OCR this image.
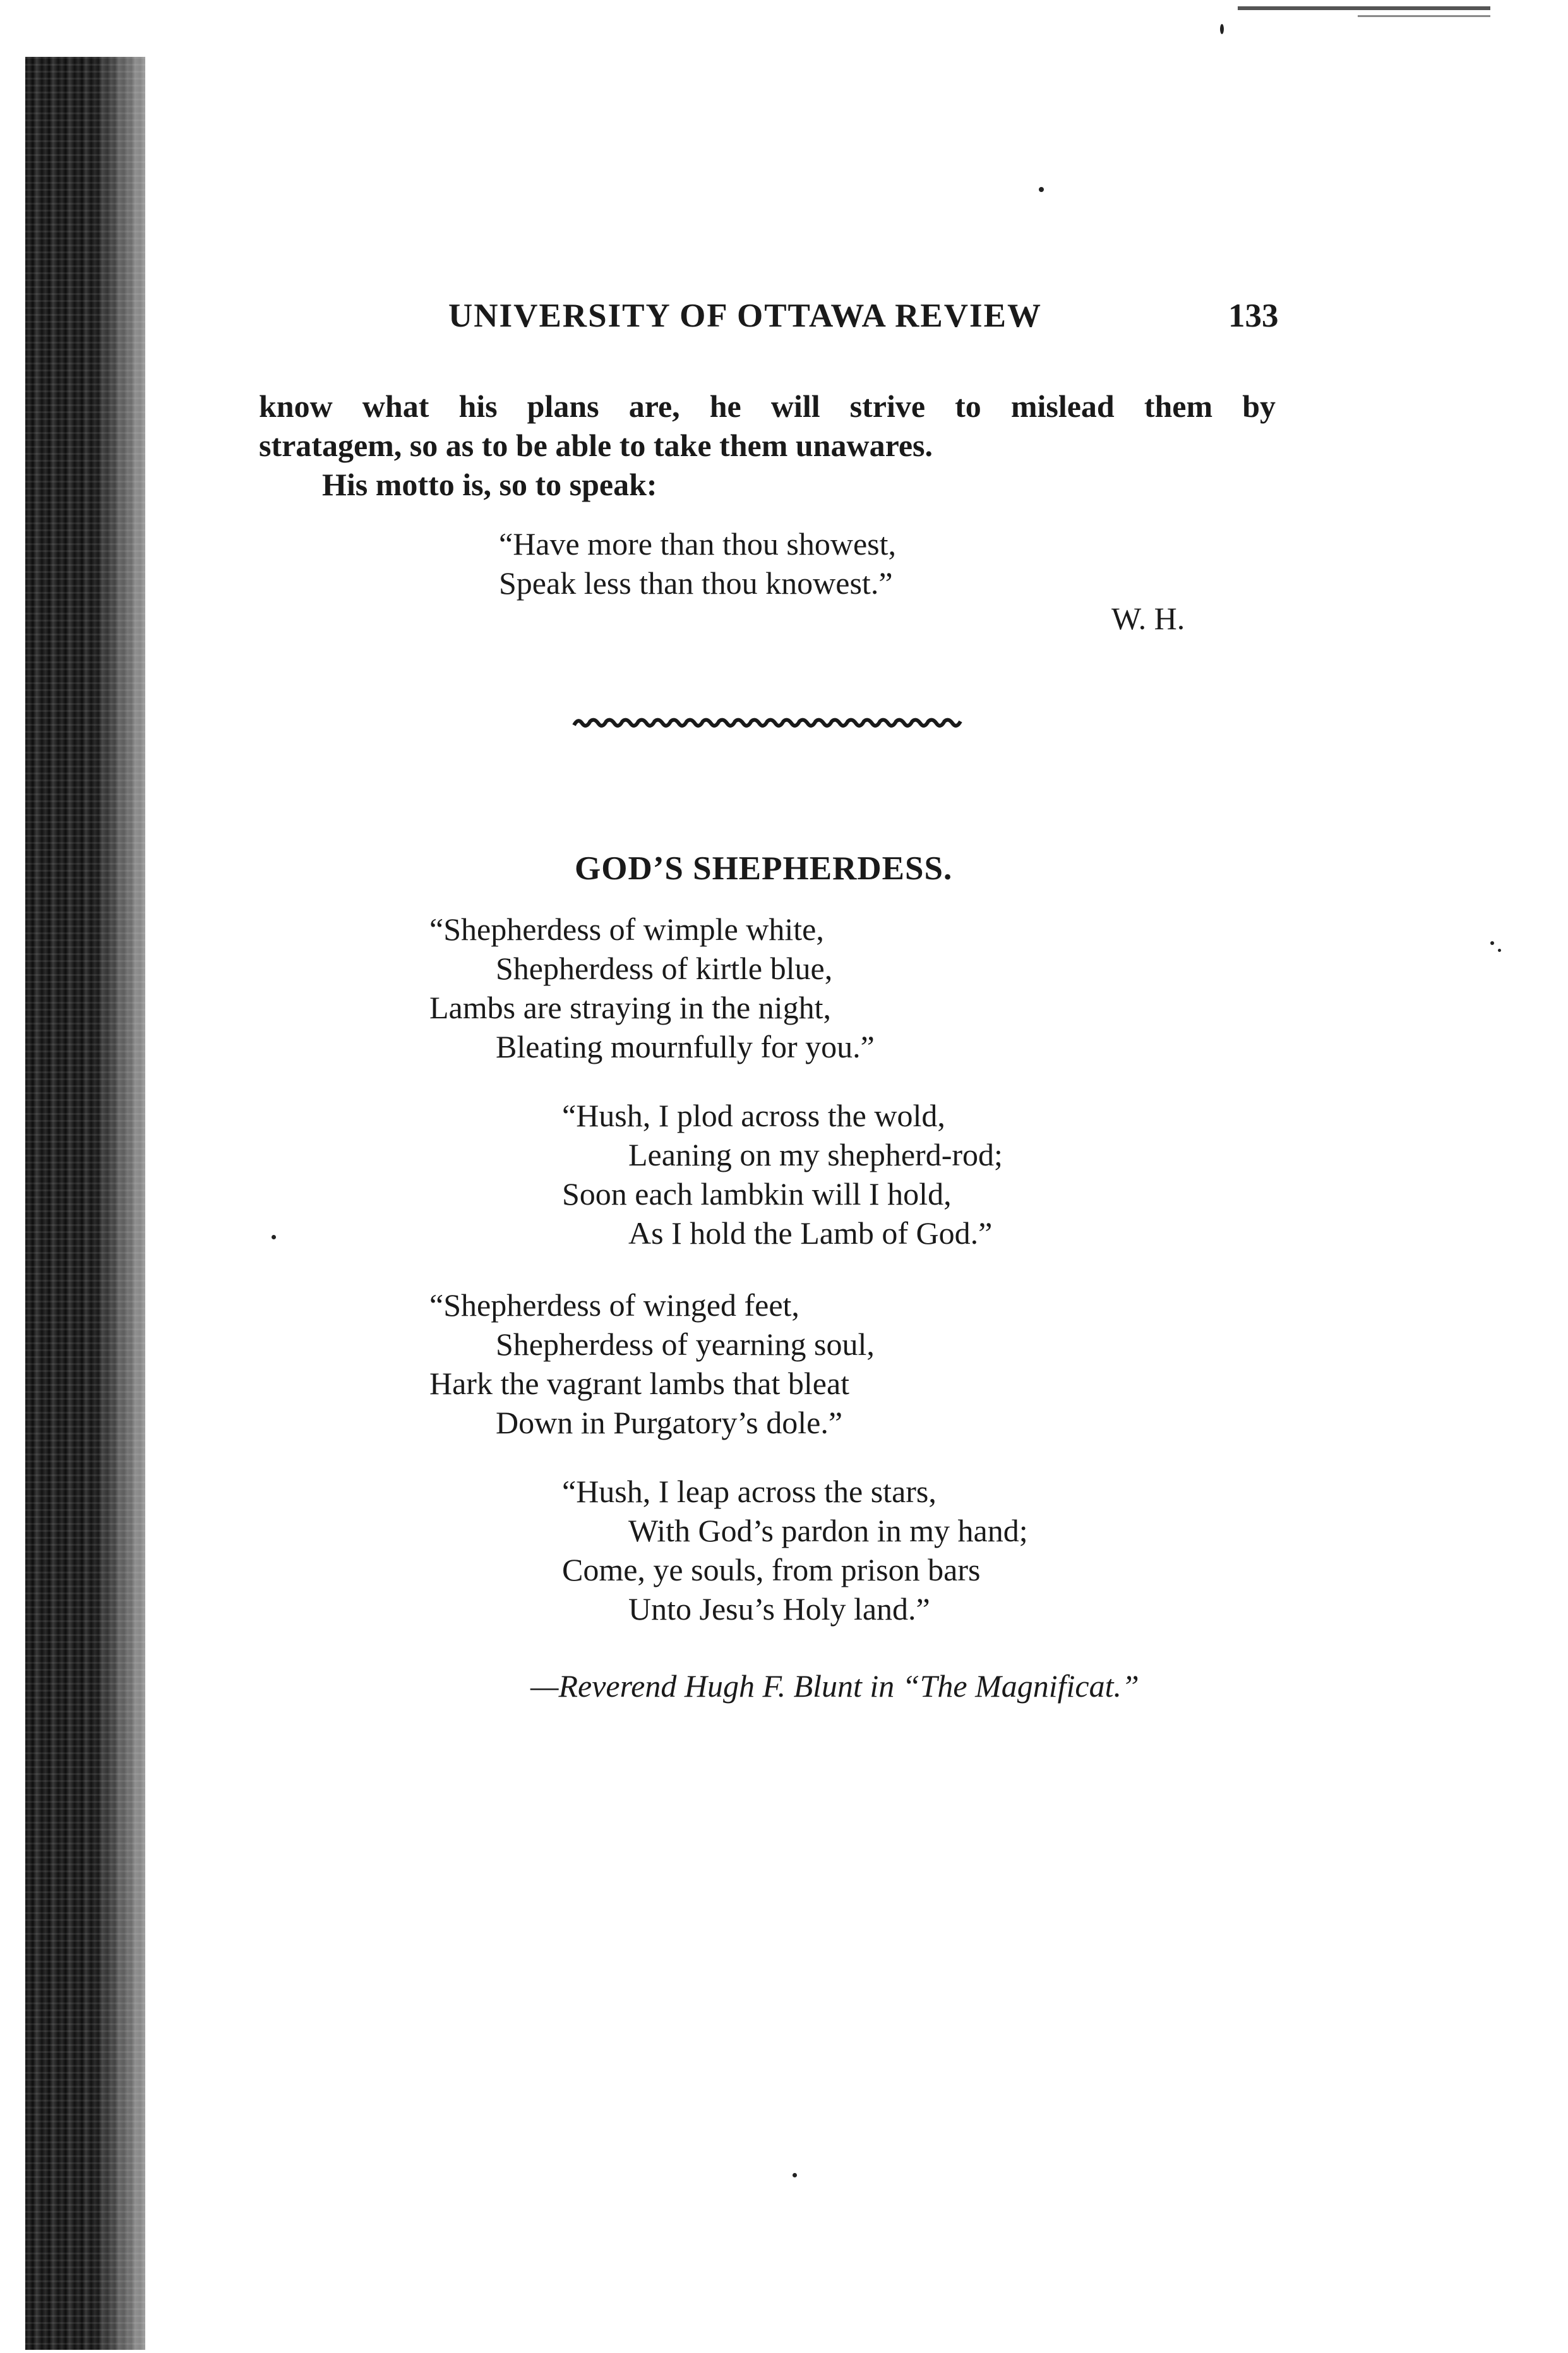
UNIVERSITY OF OTTAWA REVIEW	133
know what his plans are, he will strive to mislead them by
stratagem, so as to be able to take them unawares.
His motto is, so to speak:
“Have more than thou showest,
Speak less than thou knowest.”
W. H.
GOD’S SHEPHERDESS.
“Shepherdess of wimple white,
Shepherdess of kirtle blue,
Lambs are straying in the night,
Bleating mournfully for you.”
“Hush, I plod across the wold,
Leaning on my shepherd-rod;
Soon each lambkin will I hold,
As I hold the Lamb of God.”
“Shepherdess of winged feet,
Shepherdess of yearning soul,
Hark the vagrant lambs that bleat
Down in Purgatory’s dole.”
“Hush, I leap across the stars,
With God’s pardon in my hand;
Come, ye souls, from prison bars
Unto Jesu’s Holy land.”
—Reverend Hugh F. Blunt in “The Magnificat.”
